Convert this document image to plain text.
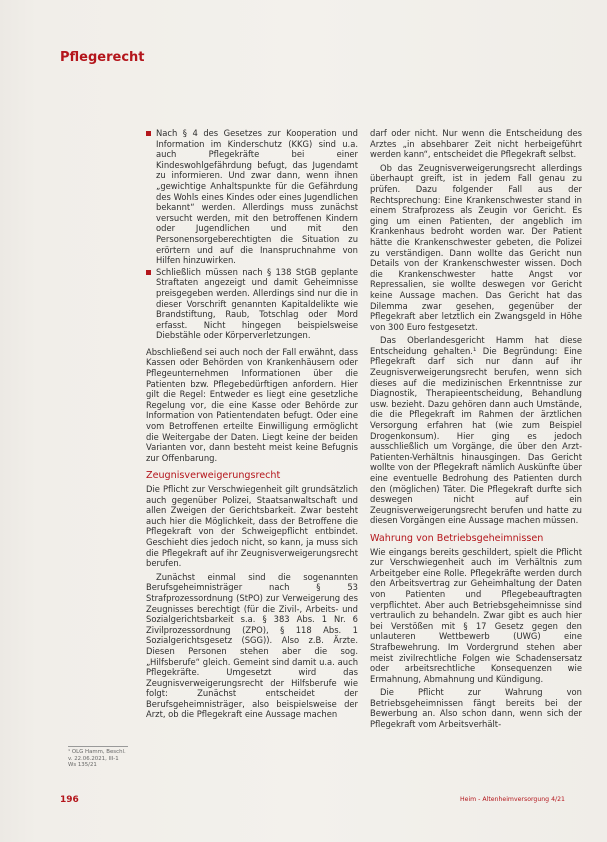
Pflegerecht
Nach § 4 des Gesetzes zur Kooperation und Information im Kinderschutz (KKG) sind u.a. auch Pflegekräfte bei einer Kindeswohlgefährdung befugt, das Jugendamt zu informieren. Und zwar dann, wenn ihnen „gewichtige Anhaltspunkte für die Gefährdung des Wohls eines Kindes oder eines Jugendlichen bekannt“ werden. Allerdings muss zunächst versucht werden, mit den betroffenen Kindern oder Jugendlichen und mit den Personensorgeberechtigten die Situation zu erörtern und auf die Inanspruchnahme von Hilfen hinzuwirken.
Schließlich müssen nach § 138 StGB geplante Straftaten angezeigt und damit Geheimnisse preisgegeben werden. Allerdings sind nur die in dieser Vorschrift genannten Kapitaldelikte wie Brandstiftung, Raub, Totschlag oder Mord erfasst. Nicht hingegen beispielsweise Diebstähle oder Körperverletzungen.

Abschließend sei auch noch der Fall erwähnt, dass Kassen oder Behörden von Krankenhäusern oder Pflegeunternehmen Informationen über die Patienten bzw. Pflegebedürftigen anfordern. Hier gilt die Regel: Entweder es liegt eine gesetzliche Regelung vor, die eine Kasse oder Behörde zur Information von Patientendaten befugt. Oder eine vom Betroffenen erteilte Einwilligung ermöglicht die Weitergabe der Daten. Liegt keine der beiden Varianten vor, dann besteht meist keine Befugnis zur Offenbarung.

Zeugnisverweigerungsrecht

Die Pflicht zur Verschwiegenheit gilt grundsätzlich auch gegenüber Polizei, Staatsanwaltschaft und allen Zweigen der Gerichtsbarkeit. Zwar besteht auch hier die Möglichkeit, dass der Betroffene die Pflegekraft von der Schweigepflicht entbindet. Geschieht dies jedoch nicht, so kann, ja muss sich die Pflegekraft auf ihr Zeugnisverweigerungsrecht berufen.

Zunächst einmal sind die sogenannten Berufsgeheimnisträger nach § 53 Strafprozessordnung (StPO) zur Verweigerung des Zeugnisses berechtigt (für die Zivil-, Arbeits- und Sozialgerichtsbarkeit s.a. § 383 Abs. 1 Nr. 6 Zivilprozessordnung (ZPO), § 118 Abs. 1 Sozialgerichtsgesetz (SGG)). Also z.B. Ärzte. Diesen Personen stehen aber die sog. „Hilfsberufe“ gleich. Gemeint sind damit u.a. auch Pflegekräfte. Umgesetzt wird das Zeugnisverweigerungsrecht der Hilfsberufe wie folgt: Zunächst entscheidet der Berufsgeheimnisträger, also beispielsweise der Arzt, ob die Pflegekraft eine Aussage machen

darf oder nicht. Nur wenn die Entscheidung des Arztes „in absehbarer Zeit nicht herbeigeführt werden kann“, entscheidet die Pflegekraft selbst.

Ob das Zeugnisverweigerungsrecht allerdings überhaupt greift, ist in jedem Fall genau zu prüfen. Dazu folgender Fall aus der Rechtsprechung: Eine Krankenschwester stand in einem Strafprozess als Zeugin vor Gericht. Es ging um einen Patienten, der angeblich im Krankenhaus bedroht worden war. Der Patient hätte die Krankenschwester gebeten, die Polizei zu verständigen. Dann wollte das Gericht nun Details von der Krankenschwester wissen. Doch die Krankenschwester hatte Angst vor Repressalien, sie wollte deswegen vor Gericht keine Aussage machen. Das Gericht hat das Dilemma zwar gesehen, gegenüber der Pflegekraft aber letztlich ein Zwangsgeld in Höhe von 300 Euro festgesetzt.

Das Oberlandesgericht Hamm hat diese Entscheidung gehalten.¹ Die Begründung: Eine Pflegekraft darf sich nur dann auf ihr Zeugnisverweigerungsrecht berufen, wenn sich dieses auf die medizinischen Erkenntnisse zur Diagnostik, Therapieentscheidung, Behandlung usw. bezieht. Dazu gehören dann auch Umstände, die die Pflegekraft im Rahmen der ärztlichen Versorgung erfahren hat (wie zum Beispiel Drogenkonsum). Hier ging es jedoch ausschließlich um Vorgänge, die über den Arzt-Patienten-Verhältnis hinausgingen. Das Gericht wollte von der Pflegekraft nämlich Auskünfte über eine eventuelle Bedrohung des Patienten durch den (möglichen) Täter. Die Pflegekraft durfte sich deswegen nicht auf ein Zeugnisverweigerungsrecht berufen und hatte zu diesen Vorgängen eine Aussage machen müssen.

Wahrung von Betriebsgeheimnissen

Wie eingangs bereits geschildert, spielt die Pflicht zur Verschwiegenheit auch im Verhältnis zum Arbeitgeber eine Rolle. Pflegekräfte werden durch den Arbeitsvertrag zur Geheimhaltung der Daten von Patienten und Pflegebeauftragten verpflichtet. Aber auch Betriebsgeheimnisse sind vertraulich zu behandeln. Zwar gibt es auch hier bei Verstößen mit § 17 Gesetz gegen den unlauteren Wettbewerb (UWG) eine Strafbewehrung. Im Vordergrund stehen aber meist zivilrechtliche Folgen wie Schadensersatz oder arbeitsrechtliche Konsequenzen wie Ermahnung, Abmahnung und Kündigung.

Die Pflicht zur Wahrung von Betriebsgeheimnissen fängt bereits bei der Bewerbung an. Also schon dann, wenn sich der Pflegekraft vom Arbeitsverhält-

¹ OLG Hamm, Beschl. v. 22.06.2021, III-1 Ws 135/21
196	Heim - Altenheimversorgung 4/21
